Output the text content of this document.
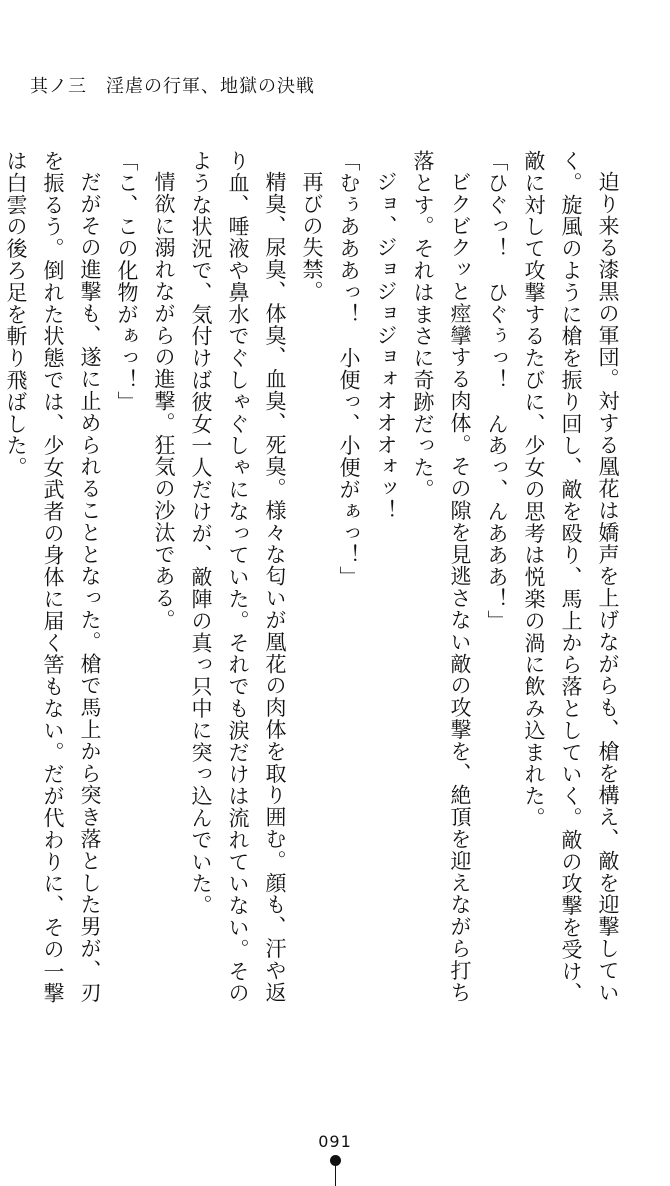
其ノ三　淫虐の行軍、地獄の決戦

迫り来る漆黒の軍団。対する凰花は嬌声を上げながらも、槍を構え、敵を迎撃していく。旋風のように槍を振り回し、敵を殴り、馬上から落としていく。敵の攻撃を受け、敵に対して攻撃するたびに、少女の思考は悦楽の渦に飲み込まれた。

「ひぐっ！　ひぐぅっ！　んあっ、んあああ！」

ビクビクッと痙攣する肉体。その隙を見逃さない敵の攻撃を、絶頂を迎えながら打ち落とす。それはまさに奇跡だった。

ジョ、ジョジョジョォオオオォッ！

「むぅあああっ！　小便っ、小便がぁっ！」

再びの失禁。

精臭、尿臭、体臭、血臭、死臭。様々な匂いが凰花の肉体を取り囲む。顔も、汗や返り血、唾液や鼻水でぐしゃぐしゃになっていた。それでも涙だけは流れていない。そのような状況で、気付けば彼女一人だけが、敵陣の真っ只中に突っ込んでいた。

情欲に溺れながらの進撃。狂気の沙汰である。

「こ、この化物がぁっ！」

だがその進撃も、遂に止められることとなった。槍で馬上から突き落とした男が、刃を振るう。倒れた状態では、少女武者の身体に届く筈もない。だが代わりに、その一撃は白雲の後ろ足を斬り飛ばした。

091
